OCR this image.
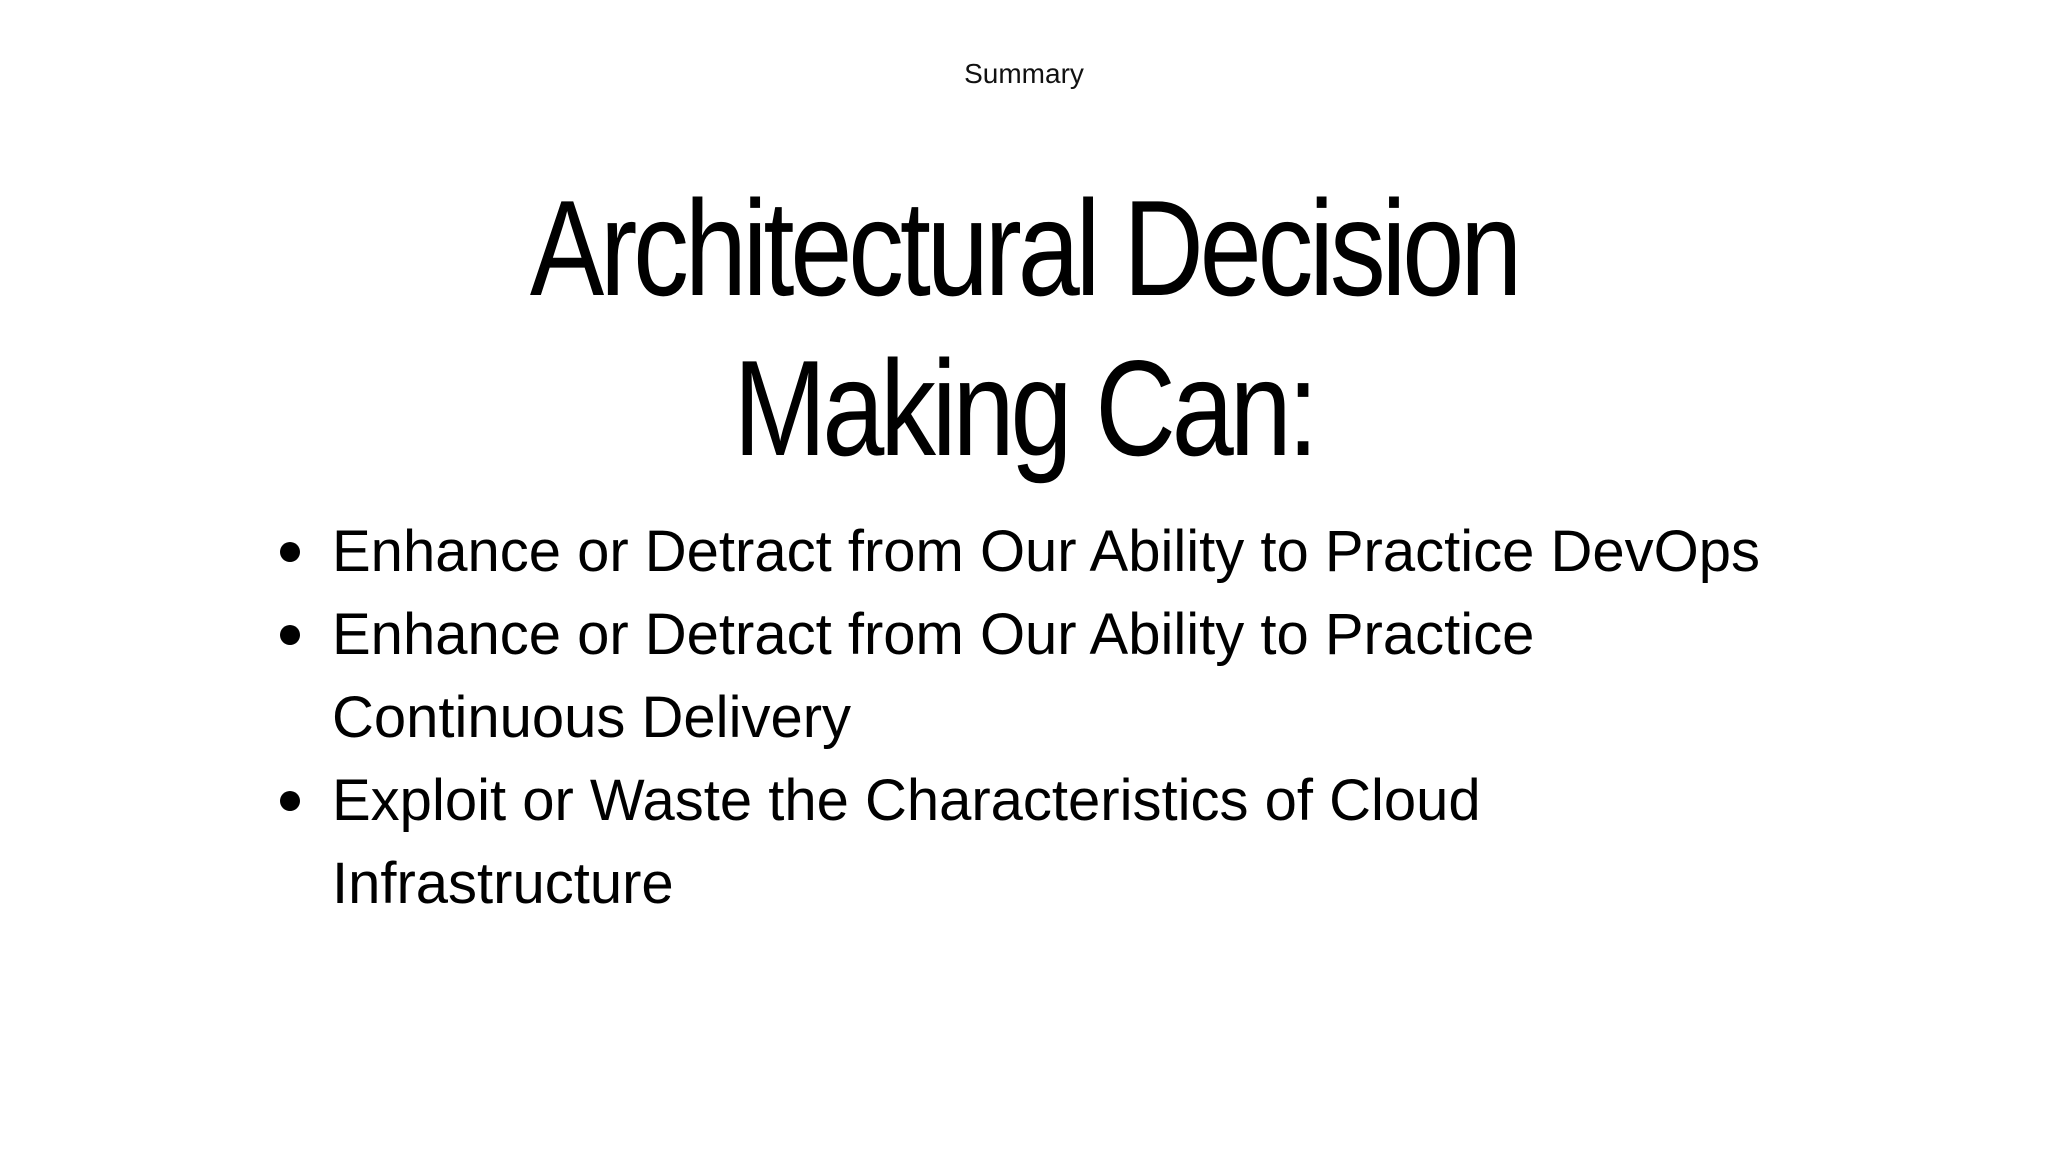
Summary
Architectural Decision
Making Can:
Enhance or Detract from Our Ability to Practice DevOps
Enhance or Detract from Our Ability to Practice Continuous Delivery
Exploit or Waste the Characteristics of Cloud Infrastructure
